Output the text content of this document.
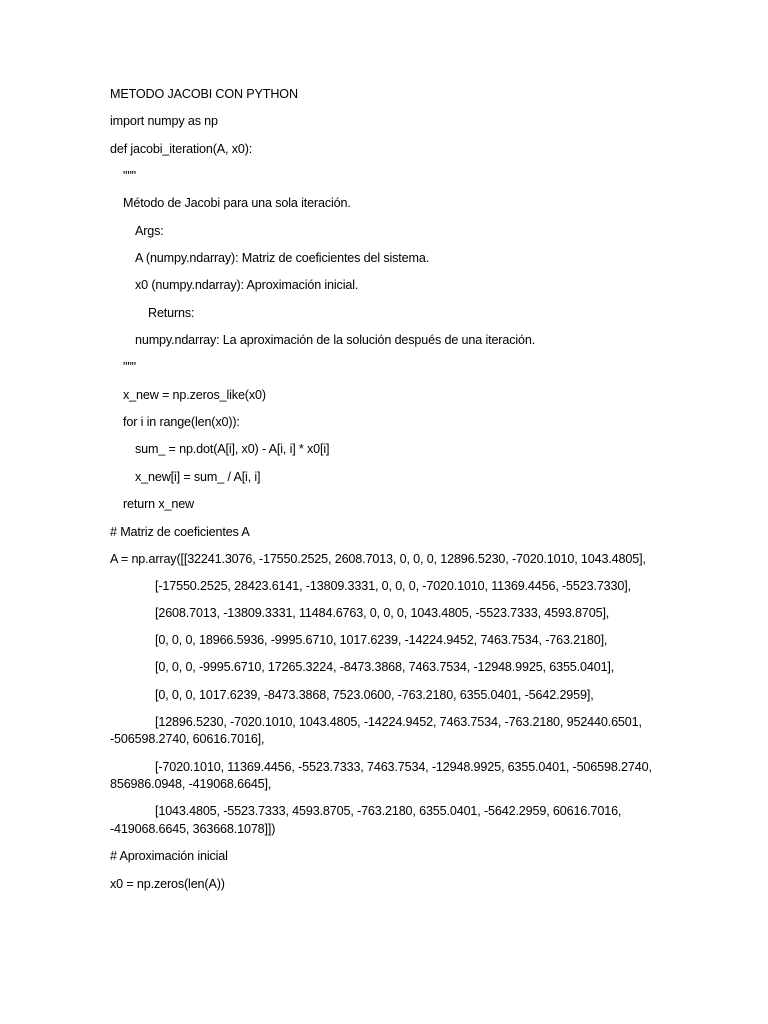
METODO JACOBI CON PYTHON
import numpy as np
def jacobi_iteration(A, x0):
"""
Método de Jacobi para una sola iteración.
Args:
A (numpy.ndarray): Matriz de coeficientes del sistema.
x0 (numpy.ndarray): Aproximación inicial.
Returns:
numpy.ndarray: La aproximación de la solución después de una iteración.
"""
x_new = np.zeros_like(x0)
for i in range(len(x0)):
sum_ = np.dot(A[i], x0) - A[i, i] * x0[i]
x_new[i] = sum_ / A[i, i]
return x_new
# Matriz de coeficientes A
A = np.array([[32241.3076, -17550.2525, 2608.7013, 0, 0, 0, 12896.5230, -7020.1010, 1043.4805],
[-17550.2525, 28423.6141, -13809.3331, 0, 0, 0, -7020.1010, 11369.4456, -5523.7330],
[2608.7013, -13809.3331, 11484.6763, 0, 0, 0, 1043.4805, -5523.7333, 4593.8705],
[0, 0, 0, 18966.5936, -9995.6710, 1017.6239, -14224.9452, 7463.7534, -763.2180],
[0, 0, 0, -9995.6710, 17265.3224, -8473.3868, 7463.7534, -12948.9925, 6355.0401],
[0, 0, 0, 1017.6239, -8473.3868, 7523.0600, -763.2180, 6355.0401, -5642.2959],
[12896.5230, -7020.1010, 1043.4805, -14224.9452, 7463.7534, -763.2180, 952440.6501, -506598.2740, 60616.7016],
[-7020.1010, 11369.4456, -5523.7333, 7463.7534, -12948.9925, 6355.0401, -506598.2740, 856986.0948, -419068.6645],
[1043.4805, -5523.7333, 4593.8705, -763.2180, 6355.0401, -5642.2959, 60616.7016, -419068.6645, 363668.1078]])
# Aproximación inicial
x0 = np.zeros(len(A))
